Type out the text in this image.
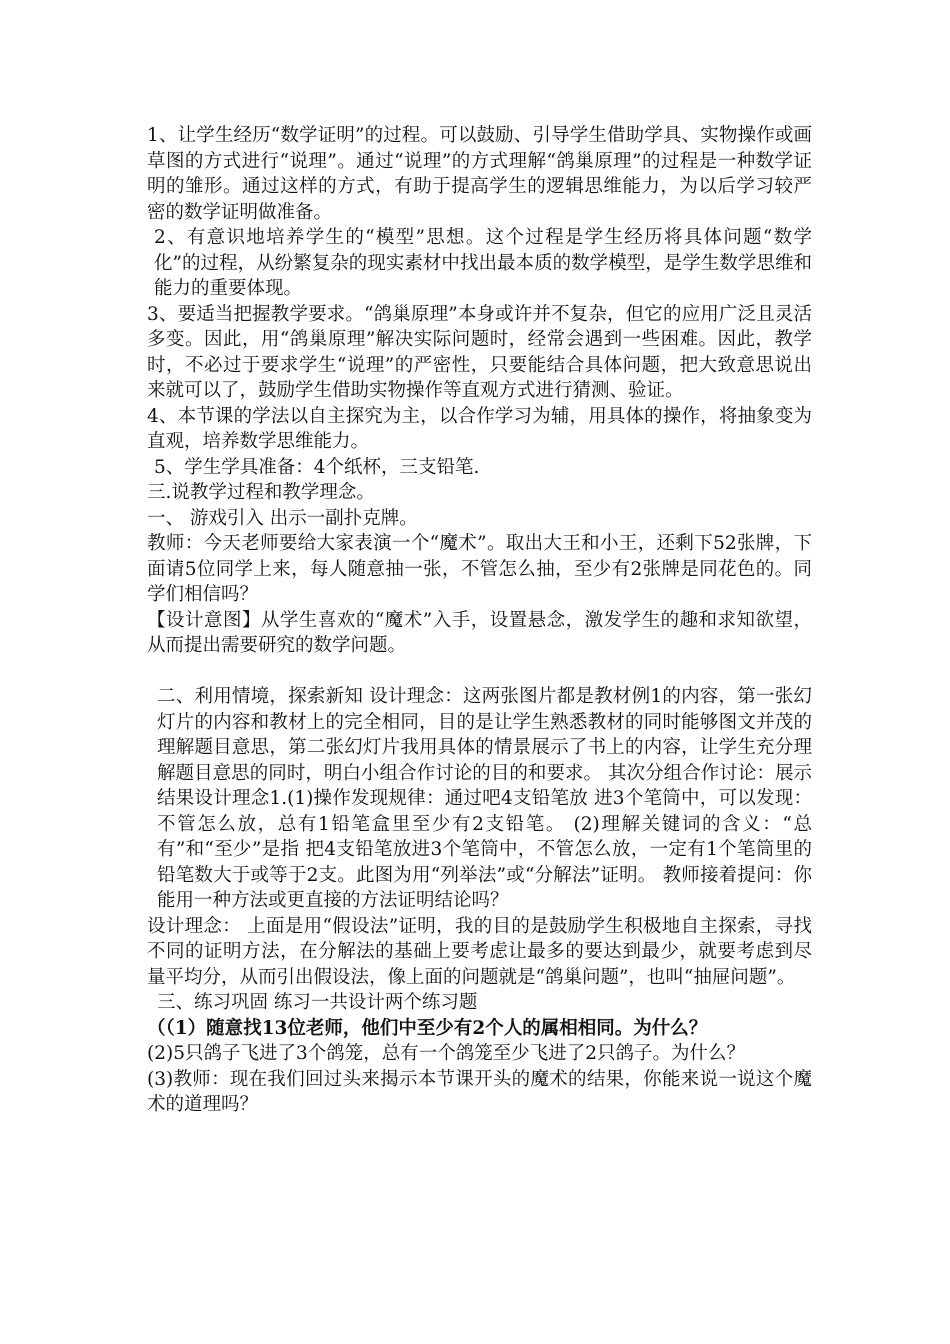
1、让学生经历“数学证明”的过程。可以鼓励、引导学生借助学具、实物操作或画草图的方式进行“说理”。通过“说理”的方式理解“鸽巢原理”的过程是一种数学证明的雏形。通过这样的方式，有助于提高学生的逻辑思维能力，为以后学习较严密的数学证明做准备。

2、有意识地培养学生的“模型”思想。这个过程是学生经历将具体问题“数学化”的过程，从纷繁复杂的现实素材中找出最本质的数学模型，是学生数学思维和能力的重要体现。

3、要适当把握教学要求。“鸽巢原理”本身或许并不复杂，但它的应用广泛且灵活多变。因此，用“鸽巢原理”解决实际问题时，经常会遇到一些困难。因此，教学时，不必过于要求学生“说理”的严密性，只要能结合具体问题，把大致意思说出来就可以了，鼓励学生借助实物操作等直观方式进行猜测、验证。

4、本节课的学法以自主探究为主，以合作学习为辅，用具体的操作，将抽象变为直观，培养数学思维能力。

5、学生学具准备：4个纸杯，三支铅笔.

三.说教学过程和教学理念。

一、 游戏引入 出示一副扑克牌。

教师：今天老师要给大家表演一个“魔术”。取出大王和小王，还剩下52张牌，下面请5位同学上来，每人随意抽一张，不管怎么抽，至少有2张牌是同花色的。同学们相信吗？

【设计意图】从学生喜欢的“魔术”入手，设置悬念，激发学生的趣和求知欲望，从而提出需要研究的数学问题。

二、利用情境，探索新知 设计理念：这两张图片都是教材例1的内容，第一张幻灯片的内容和教材上的完全相同，目的是让学生熟悉教材的同时能够图文并茂的理解题目意思，第二张幻灯片我用具体的情景展示了书上的内容，让学生充分理解题目意思的同时，明白小组合作讨论的目的和要求。 其次分组合作讨论：展示结果设计理念1.(1)操作发现规律：通过吧4支铅笔放 进3个笔筒中，可以发现：不管怎么放，总有1铅笔盒里至少有2支铅笔。 (2)理解关键词的含义：“总有”和“至少”是指 把4支铅笔放进3个笔筒中，不管怎么放，一定有1个笔筒里的铅笔数大于或等于2支。此图为用“列举法”或“分解法”证明。 教师接着提问：你能用一种方法或更直接的方法证明结论吗？

设计理念： 上面是用“假设法”证明，我的目的是鼓励学生积极地自主探索，寻找不同的证明方法，在分解法的基础上要考虑让最多的要达到最少，就要考虑到尽量平均分，从而引出假设法，像上面的问题就是“鸽巢问题”，也叫“抽屉问题”。

三、练习巩固 练习一共设计两个练习题

（（1）随意找13位老师，他们中至少有2个人的属相相同。为什么？

(2)5只鸽子飞进了3个鸽笼，总有一个鸽笼至少飞进了2只鸽子。为什么？

(3)教师：现在我们回过头来揭示本节课开头的魔术的结果，你能来说一说这个魔术的道理吗？
